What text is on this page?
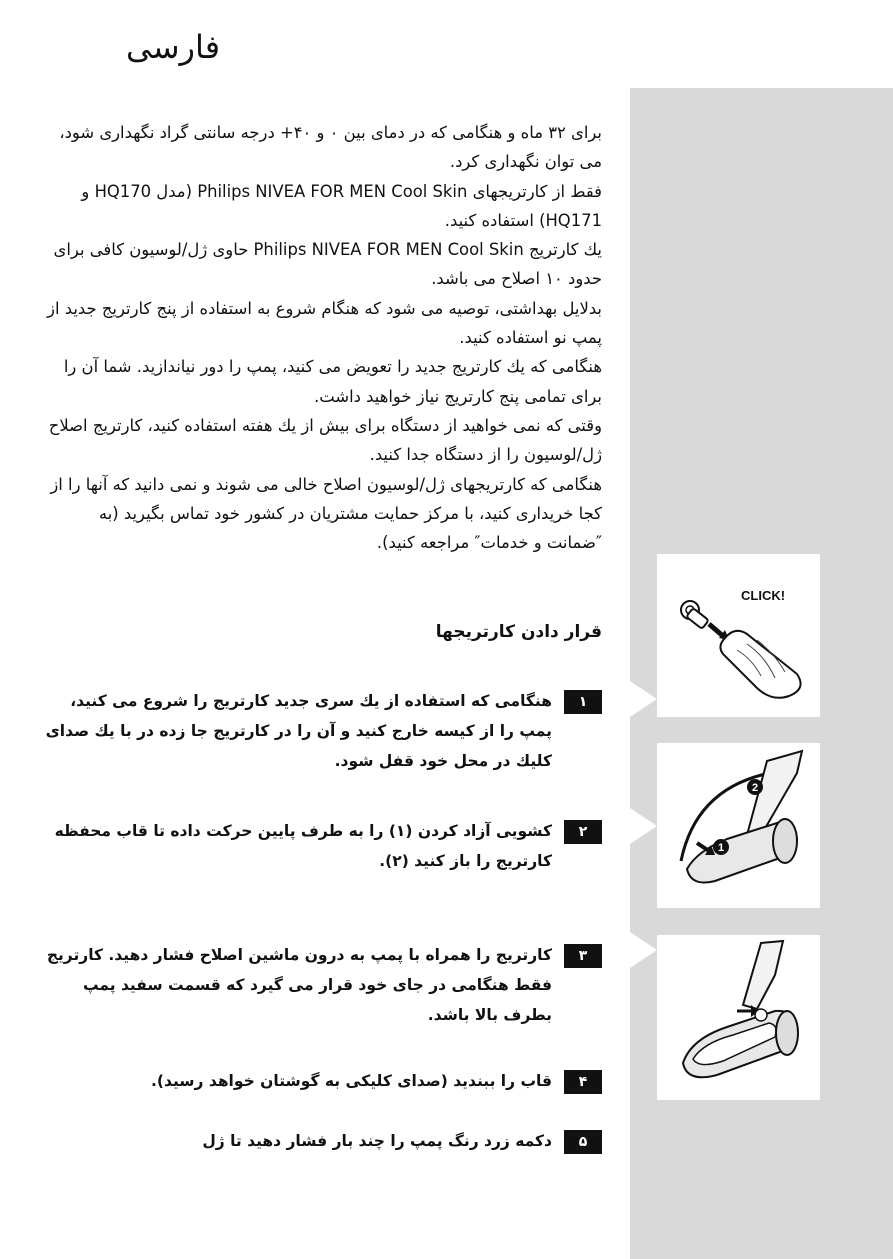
فارسی

برای ۳۲ ماه و هنگامی که در دمای بین ۰ و ۴۰+ درجه سانتی گراد نگهداری شود، می توان نگهداری کرد.

فقط از کارتریجهای Philips NIVEA FOR MEN Cool Skin (مدل HQ170 و HQ171) استفاده کنید.

یك کارتریج Philips NIVEA FOR MEN Cool Skin حاوی ژل/لوسیون کافی برای حدود ۱۰ اصلاح می باشد.

بدلایل بهداشتی، توصیه می شود که هنگام شروع به استفاده از پنج کارتریج جدید از پمپ نو استفاده کنید.

هنگامی که یك کارتریج جدید را تعویض می کنید، پمپ را دور نیاندازید. شما آن را برای تمامی پنج کارتریج نیاز خواهید داشت.

وقتی که نمی خواهید از دستگاه برای بیش از یك هفته استفاده کنید، کارتریج اصلاح ژل/لوسیون را از دستگاه جدا کنید.

هنگامی که کارتریجهای ژل/لوسیون اصلاح خالی می شوند و نمی دانید که آنها را از کجا خریداری کنید، با مرکز حمایت مشتریان در کشور خود تماس بگیرید (به ″ضمانت و خدمات″ مراجعه کنید).

قرار دادن کارتریجها
۱
هنگامی که استفاده از یك سری جدید کارتریج را شروع می کنید، پمپ را از کیسه خارج کنید و آن را در کارتریج جا زده در با یك صدای کلیك در محل خود قفل شود.
۲
کشویی آزاد کردن (۱) را به طرف پایین حرکت داده تا قاب محفظه کارتریج را باز کنید (۲).
۳
کارتریج را همراه با پمپ به درون ماشین اصلاح فشار دهید. کارتریج فقط هنگامی در جای خود قرار می گیرد که قسمت سفید پمپ بطرف بالا باشد.
۴
قاب را ببندید (صدای کلیکی به گوشتان خواهد رسید).
۵
دکمه زرد رنگ پمپ را چند بار فشار دهید تا ژل
CLICK!
1
2
